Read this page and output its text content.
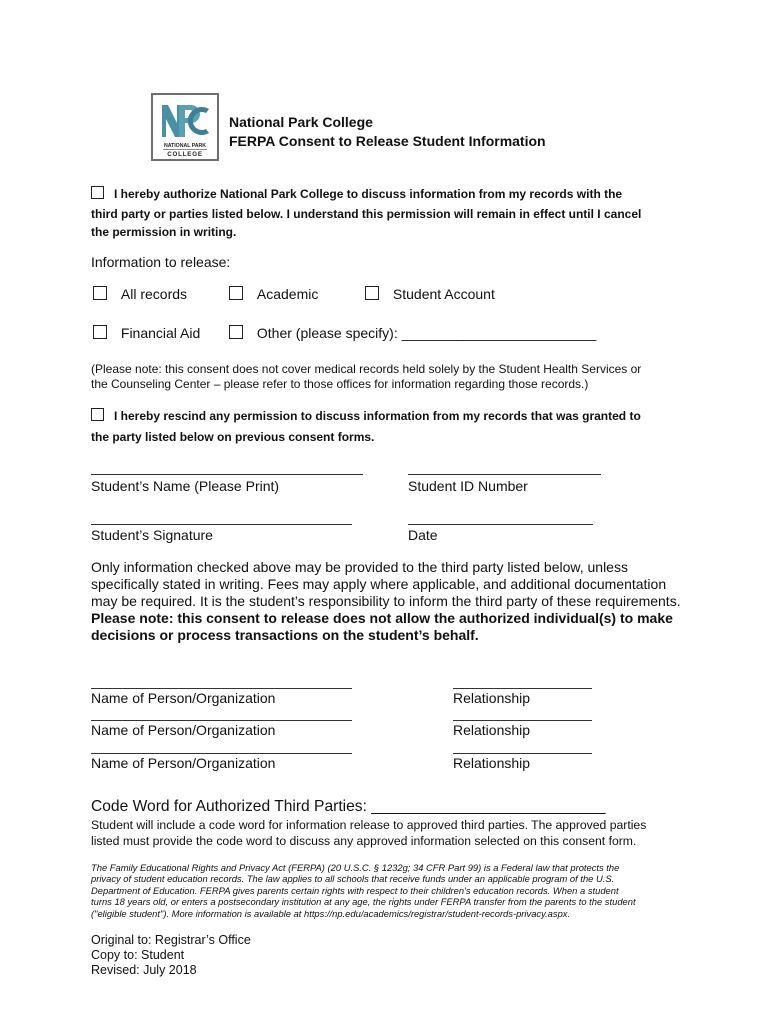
NATIONAL PARK
COLLEGE
National Park College
FERPA Consent to Release Student Information
I hereby authorize National Park College to discuss information from my records with the
third party or parties listed below. I understand this permission will remain in effect until I cancel
the permission in writing.
Information to release:
All records	Academic	Student Account
Financial Aid	Other (please specify): _________________________
(Please note: this consent does not cover medical records held solely by the Student Health Services or
the Counseling Center – please refer to those offices for information regarding those records.)
I hereby rescind any permission to discuss information from my records that was granted to
the party listed below on previous consent forms.
Student’s Name (Please Print)	Student ID Number
Student’s Signature	Date
Only information checked above may be provided to the third party listed below, unless
specifically stated in writing. Fees may apply where applicable, and additional documentation
may be required. It is the student’s responsibility to inform the third party of these requirements.
Please note: this consent to release does not allow the authorized individual(s) to make
decisions or process transactions on the student’s behalf.
Name of Person/Organization	Relationship
Name of Person/Organization	Relationship
Name of Person/Organization	Relationship
Code Word for Authorized Third Parties: ___________________________
Student will include a code word for information release to approved third parties. The approved parties
listed must provide the code word to discuss any approved information selected on this consent form.
The Family Educational Rights and Privacy Act (FERPA) (20 U.S.C. § 1232g; 34 CFR Part 99) is a Federal law that protects the
privacy of student education records. The law applies to all schools that receive funds under an applicable program of the U.S.
Department of Education. FERPA gives parents certain rights with respect to their children's education records. When a student
turns 18 years old, or enters a postsecondary institution at any age, the rights under FERPA transfer from the parents to the student
("eligible student"). More information is available at https://np.edu/academics/registrar/student-records-privacy.aspx.
Original to: Registrar’s Office
Copy to: Student
Revised: July 2018
